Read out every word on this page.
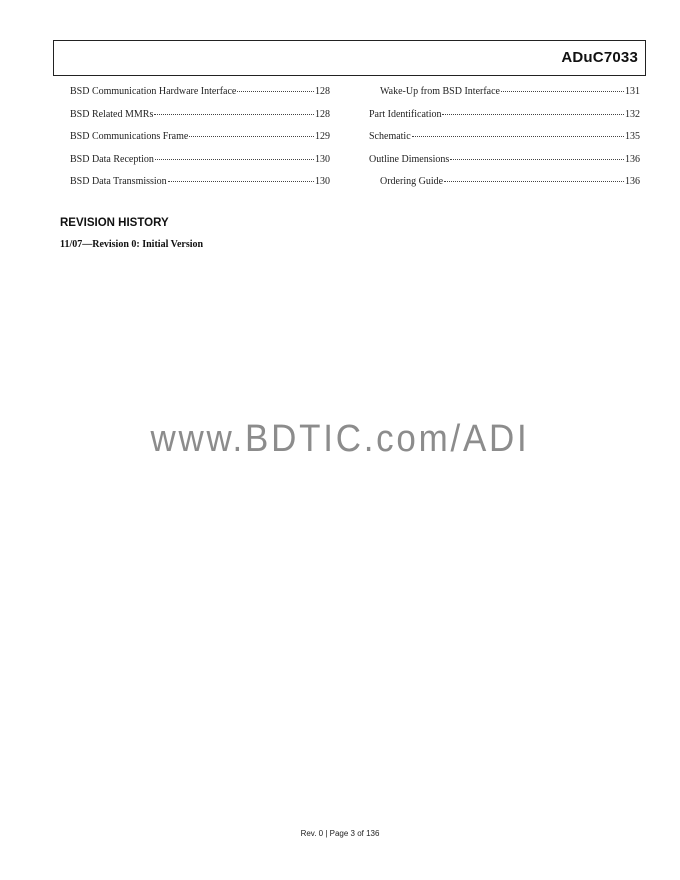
ADuC7033
BSD Communication Hardware Interface	128
BSD Related MMRs	128
BSD Communications Frame	129
BSD Data Reception	130
BSD Data Transmission	130
Wake-Up from BSD Interface	131
Part Identification	132
Schematic	135
Outline Dimensions	136
Ordering Guide	136
REVISION HISTORY
11/07—Revision 0: Initial Version
www.BDTIC.com/ADI
Rev. 0 | Page 3 of 136
